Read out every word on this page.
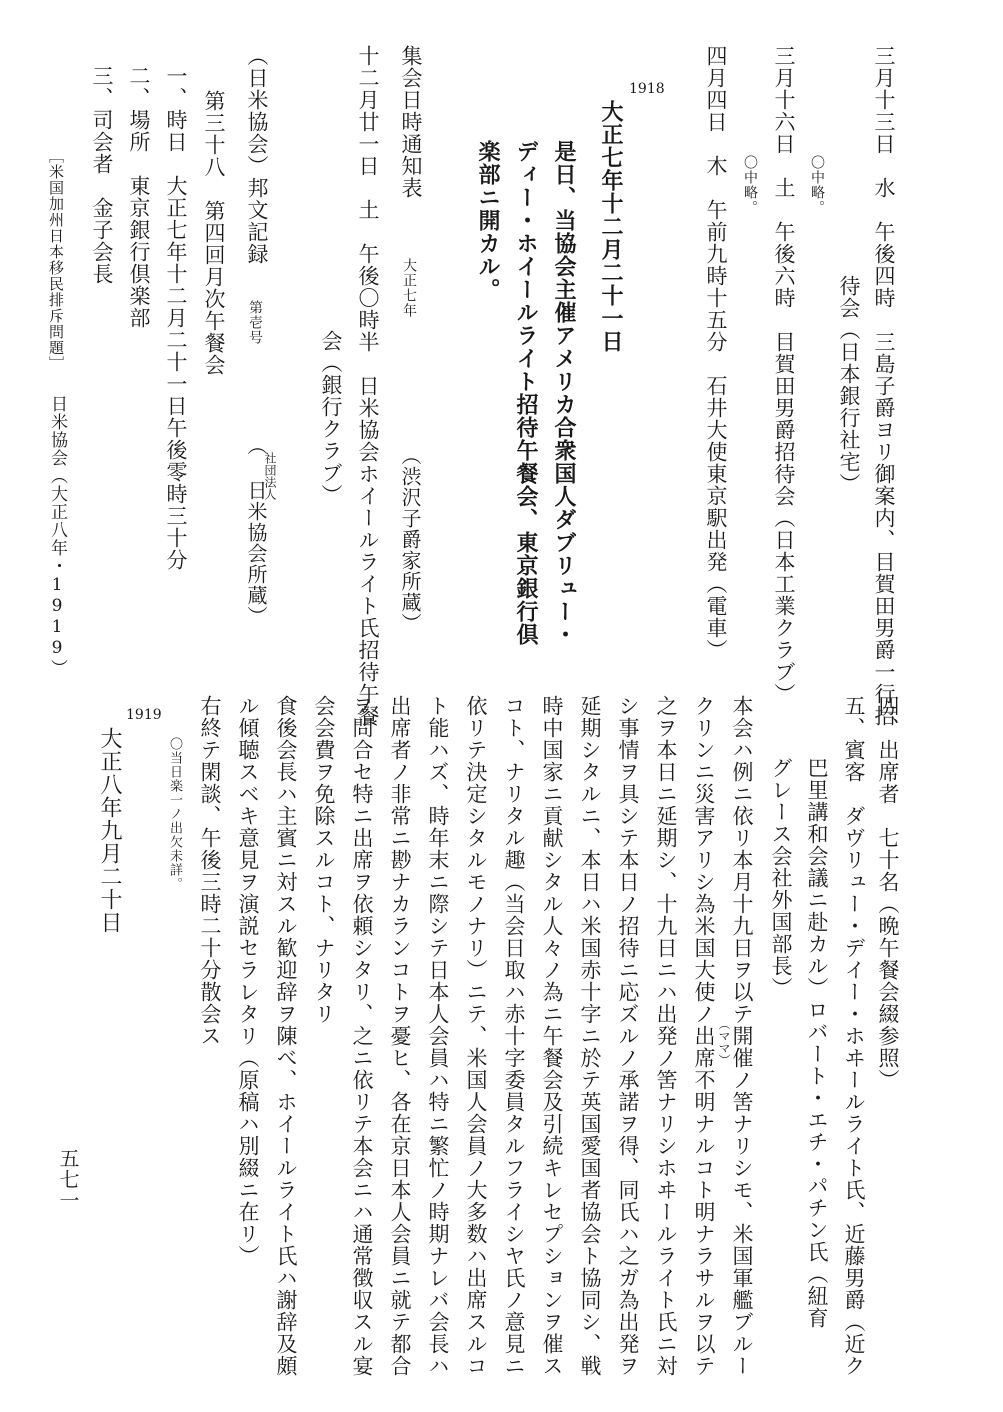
三月十三日　水　午後四時　三島子爵ヨリ御案内、目賀田男爵一行招
待会（日本銀行社宅）
〇中略。
三月十六日　土　午後六時　目賀田男爵招待会（日本工業クラブ）
〇中略。
四月四日　木　午前九時十五分　石井大使東京駅出発（電車）
1918
大正七年十二月二十一日
是日、当協会主催アメリカ合衆国人ダブリュー・
ディー・ホイールライト招待午餐会、東京銀行倶
楽部ニ開カル。
集会日時通知表
大正七年
十二月廿一日　土　午後〇時半　日米協会ホイールライト氏招待午餐
会（銀行クラブ）
（渋沢子爵家所蔵）
（日米協会）邦文記録
第壱号
（
社団法人
日米協会所蔵）
第三十八　第四回月次午餐会
一、時日　大正七年十二月二十一日午後零時三十分
二、場所　東京銀行倶楽部
三、司会者　金子会長
［米国加州日本移民排斥問題］
日米協会（大正八年・1919）
四、出席者　七十名（晩午餐会綴参照）
五、賓客　ダヴリュー・デイー・ホヰールライト氏、近藤男爵（近ク
巴里講和会議ニ赴カル）ロバート・エチ・パチン氏（紐育
グレース会社外国部長）
本会ハ例ニ依リ本月十九日ヲ以テ開催ノ筈ナリシモ、米国軍艦ブルー
（ママ）
クリンニ災害アリシ為米国大使ノ出席不明ナルコト明ナラサルヲ以テ
之ヲ本日ニ延期シ、十九日ニハ出発ノ筈ナリシホヰールライト氏ニ対
シ事情ヲ具シテ本日ノ招待ニ応ズルノ承諾ヲ得、同氏ハ之ガ為出発ヲ
延期シタルニ、本日ハ米国赤十字ニ於テ英国愛国者協会ト協同シ、戦
時中国家ニ貢献シタル人々ノ為ニ午餐会及引続キレセプションヲ催ス
コト、ナリタル趣（当会日取ハ赤十字委員タルフライシヤ氏ノ意見ニ
依リテ決定シタルモノナリ）ニテ、米国人会員ノ大多数ハ出席スルコ
ト能ハズ、時年末ニ際シテ日本人会員ハ特ニ繁忙ノ時期ナレバ会長ハ
出席者ノ非常ニ尠ナカランコトヲ憂ヒ、各在京日本人会員ニ就テ都合
ヲ問合セ特ニ出席ヲ依頼シタリ、之ニ依リテ本会ニハ通常徴収スル宴
会会費ヲ免除スルコト、ナリタリ
食後会長ハ主賓ニ対スル歓迎辞ヲ陳べ、ホイールライト氏ハ謝辞及頗
ル傾聴スベキ意見ヲ演説セラレタリ（原稿ハ別綴ニ在リ）
右終テ閑談、午後三時二十分散会ス
〇当日楽一ノ出欠未詳。
1919
大正八年九月二十日
五七一
